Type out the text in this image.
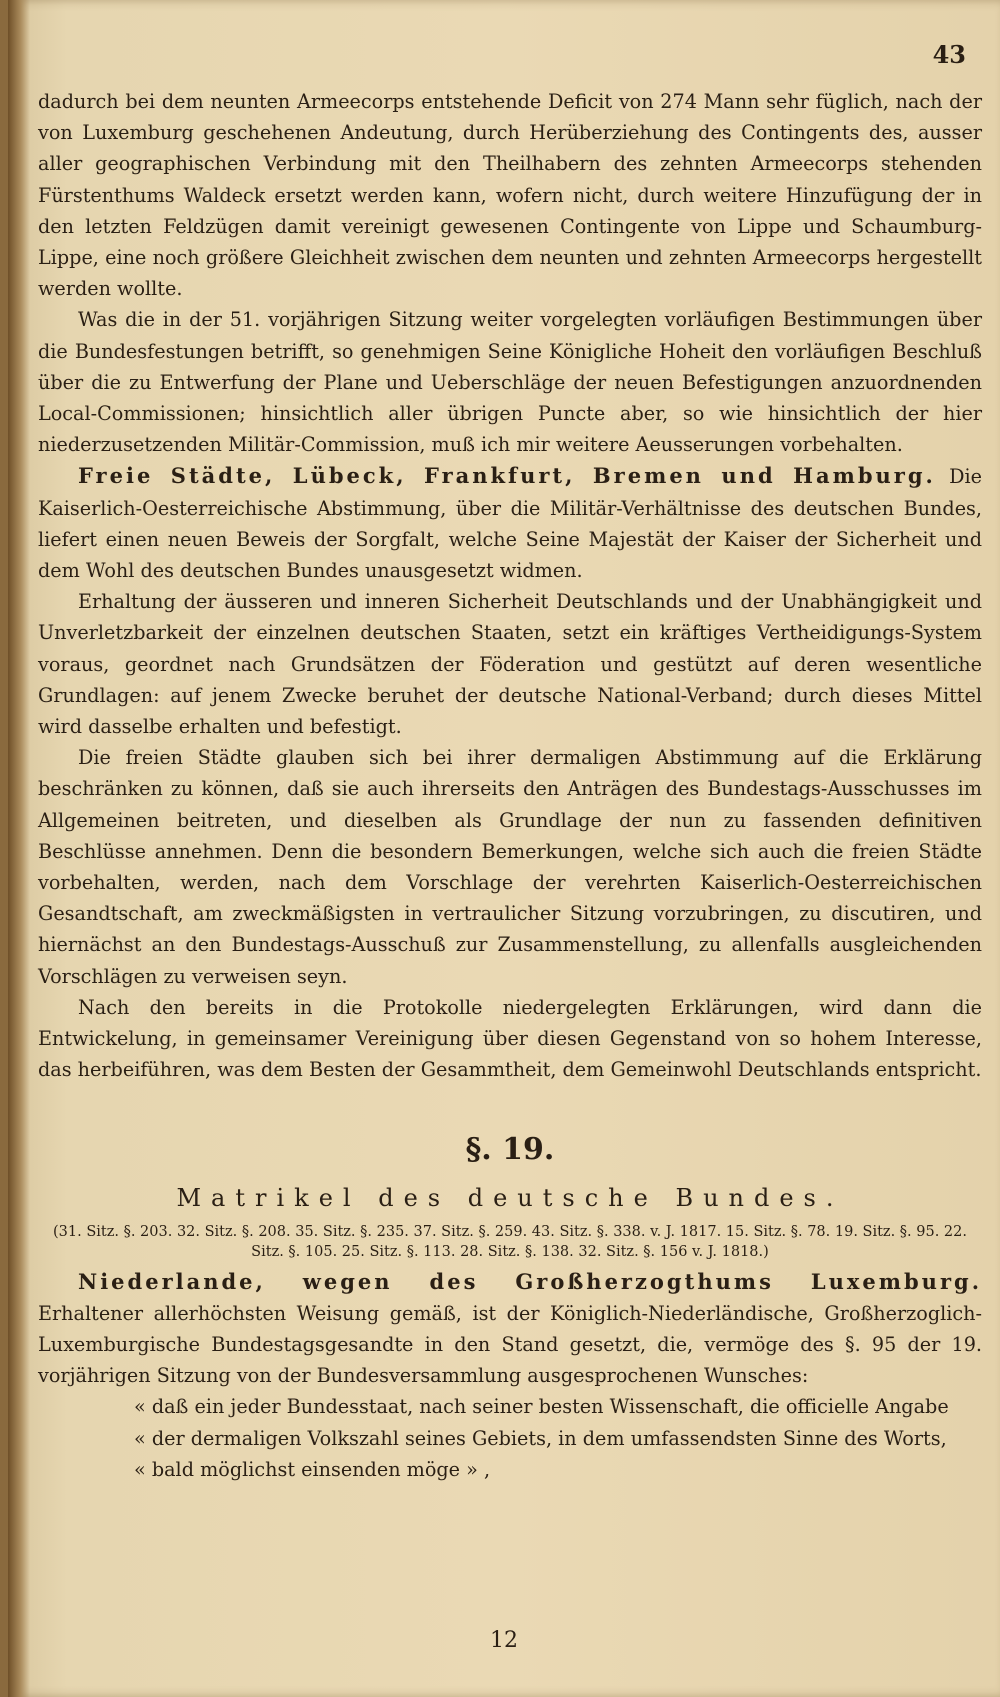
43

dadurch bei dem neunten Armeecorps entstehende Deficit von 274 Mann sehr füglich, nach der von Luxemburg geschehenen Andeutung, durch Herüberziehung des Contingents des, ausser aller geographischen Verbindung mit den Theilhabern des zehnten Armeecorps stehenden Fürstenthums Waldeck ersetzt werden kann, wofern nicht, durch weitere Hinzufügung der in den letzten Feldzügen damit vereinigt gewesenen Contingente von Lippe und Schaumburg-Lippe, eine noch größere Gleichheit zwischen dem neunten und zehnten Armeecorps hergestellt werden wollte.

Was die in der 51. vorjährigen Sitzung weiter vorgelegten vorläufigen Bestimmungen über die Bundesfestungen betrifft, so genehmigen Seine Königliche Hoheit den vorläufigen Beschluß über die zu Entwerfung der Plane und Ueberschläge der neuen Befestigungen anzuordnenden Local-Commissionen; hinsichtlich aller übrigen Puncte aber, so wie hinsichtlich der hier niederzusetzenden Militär-Commission, muß ich mir weitere Aeusserungen vorbehalten.

Freie Städte, Lübeck, Frankfurt, Bremen und Hamburg. Die Kaiserlich-Oesterreichische Abstimmung, über die Militär-Verhältnisse des deutschen Bundes, liefert einen neuen Beweis der Sorgfalt, welche Seine Majestät der Kaiser der Sicherheit und dem Wohl des deutschen Bundes unausgesetzt widmen.

Erhaltung der äusseren und inneren Sicherheit Deutschlands und der Unabhängigkeit und Unverletzbarkeit der einzelnen deutschen Staaten, setzt ein kräftiges Vertheidigungs-System voraus, geordnet nach Grundsätzen der Föderation und gestützt auf deren wesentliche Grundlagen: auf jenem Zwecke beruhet der deutsche National-Verband; durch dieses Mittel wird dasselbe erhalten und befestigt.

Die freien Städte glauben sich bei ihrer dermaligen Abstimmung auf die Erklärung beschränken zu können, daß sie auch ihrerseits den Anträgen des Bundestags-Ausschusses im Allgemeinen beitreten, und dieselben als Grundlage der nun zu fassenden definitiven Beschlüsse annehmen. Denn die besondern Bemerkungen, welche sich auch die freien Städte vorbehalten, werden, nach dem Vorschlage der verehrten Kaiserlich-Oesterreichischen Gesandtschaft, am zweckmäßigsten in vertraulicher Sitzung vorzubringen, zu discutiren, und hiernächst an den Bundestags-Ausschuß zur Zusammenstellung, zu allenfalls ausgleichenden Vorschlägen zu verweisen seyn.

Nach den bereits in die Protokolle niedergelegten Erklärungen, wird dann die Entwickelung, in gemeinsamer Vereinigung über diesen Gegenstand von so hohem Interesse, das herbeiführen, was dem Besten der Gesammtheit, dem Gemeinwohl Deutschlands entspricht.

§. 19.
Matrikel des deutsche Bundes.
(31. Sitz. §. 203. 32. Sitz. §. 208. 35. Sitz. §. 235. 37. Sitz. §. 259. 43. Sitz. §. 338. v. J. 1817. 15. Sitz. §. 78. 19. Sitz. §. 95. 22. Sitz. §. 105. 25. Sitz. §. 113. 28. Sitz. §. 138. 32. Sitz. §. 156 v. J. 1818.)

Niederlande, wegen des Großherzogthums Luxemburg. Erhaltener allerhöchsten Weisung gemäß, ist der Königlich-Niederländische, Großherzoglich-Luxemburgische Bundestagsgesandte in den Stand gesetzt, die, vermöge des §. 95 der 19. vorjährigen Sitzung von der Bundesversammlung ausgesprochenen Wunsches:

« daß ein jeder Bundesstaat, nach seiner besten Wissenschaft, die officielle Angabe

« der dermaligen Volkszahl seines Gebiets, in dem umfassendsten Sinne des Worts,

« bald möglichst einsenden möge » ,

12
